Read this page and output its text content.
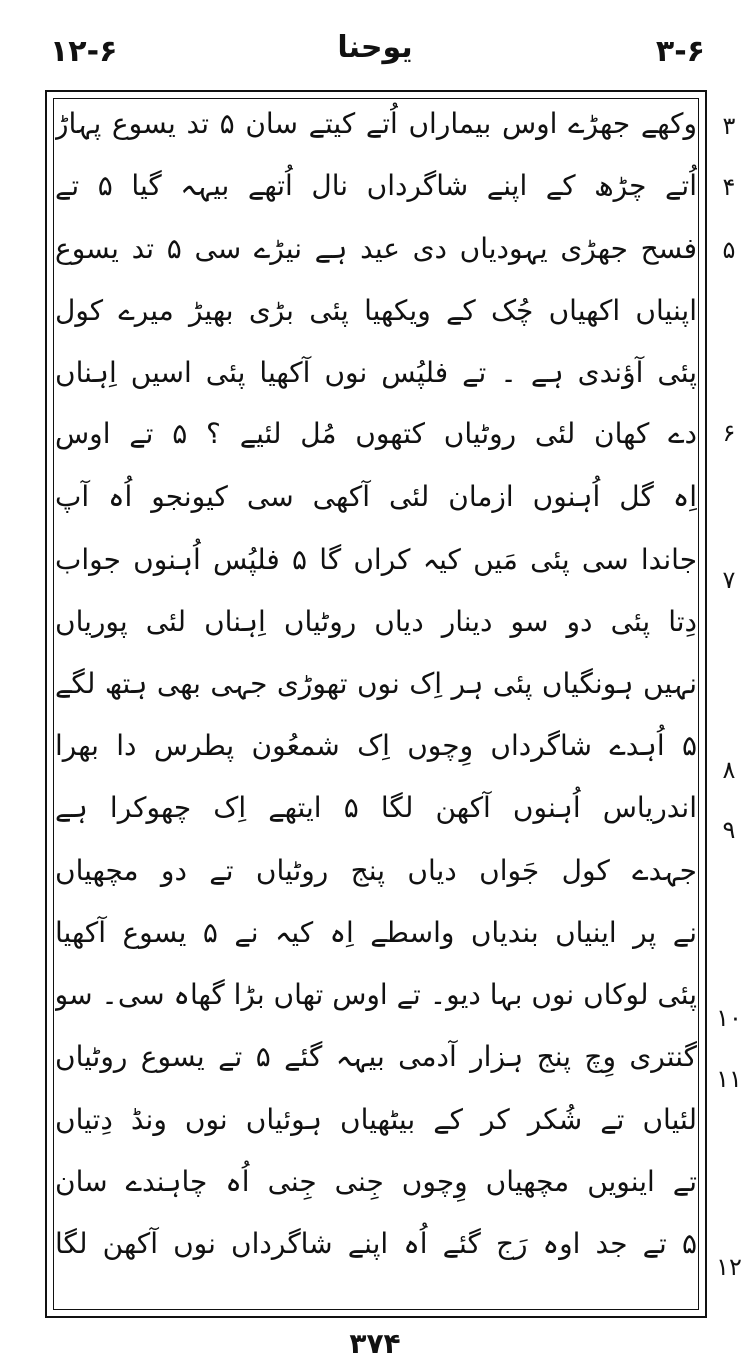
۱۲-۶	یوحنا	۳-۶
۳
۴
۵
۶
۷
۸
۹
۱۰
۱۱
۱۲
وکھے جھڑے اوس بیماراں اُتے کیتے سان ۵ تد یسوع پہاڑ
اُتے چڑھ کے اپنے شاگرداں نال اُتھے بیہہ گیا ۵ تے
فسح جھڑی یہودیاں دی عید ہے نیڑے سی ۵ تد یسوع
اپنیاں اکھیاں چُک کے ویکھیا پئی بڑی بھیڑ میرے کول
پئی آؤندی ہے ۔ تے فلپُس نوں آکھیا پئی اسیں اِہناں
دے کھان لئی روٹیاں کتھوں مُل لئیے ؟ ۵ تے اوس
اِہ گل اُہنوں ازمان لئی آکھی سی کیونجو اُہ آپ
جاندا سی پئی مَیں کیہ کراں گا ۵ فلپُس اُہنوں جواب
دِتا پئی دو سو دینار دیاں روٹیاں اِہناں لئی پوریاں
نہیں ہونگیاں پئی ہر اِک نوں تھوڑی جہی بھی ہتھ لگے
۵ اُہدے شاگرداں وِچوں اِک شمعُون پطرس دا بھرا
اندریاس اُہنوں آکھن لگا ۵ ایتھے اِک چھوکرا ہے
جہدے کول جَواں دیاں پنج روٹیاں تے دو مچھیاں
نے پر اینیاں بندیاں واسطے اِہ کیہ نے ۵ یسوع آکھیا
پئی لوکاں نوں بہا دیو۔ تے اوس تھاں بڑا گھاہ سی۔ سو
گنتری وِچ پنج ہزار آدمی بیہہ گئے ۵ تے یسوع روٹیاں
لئیاں تے شُکر کر کے بیٹھیاں ہوئیاں نوں ونڈ دِتیاں
تے اینویں مچھیاں وِچوں جِنی جِنی اُہ چاہندے سان
۵ تے جد اوہ رَج گئے اُہ اپنے شاگرداں نوں آکھن لگا
۳۷۴
